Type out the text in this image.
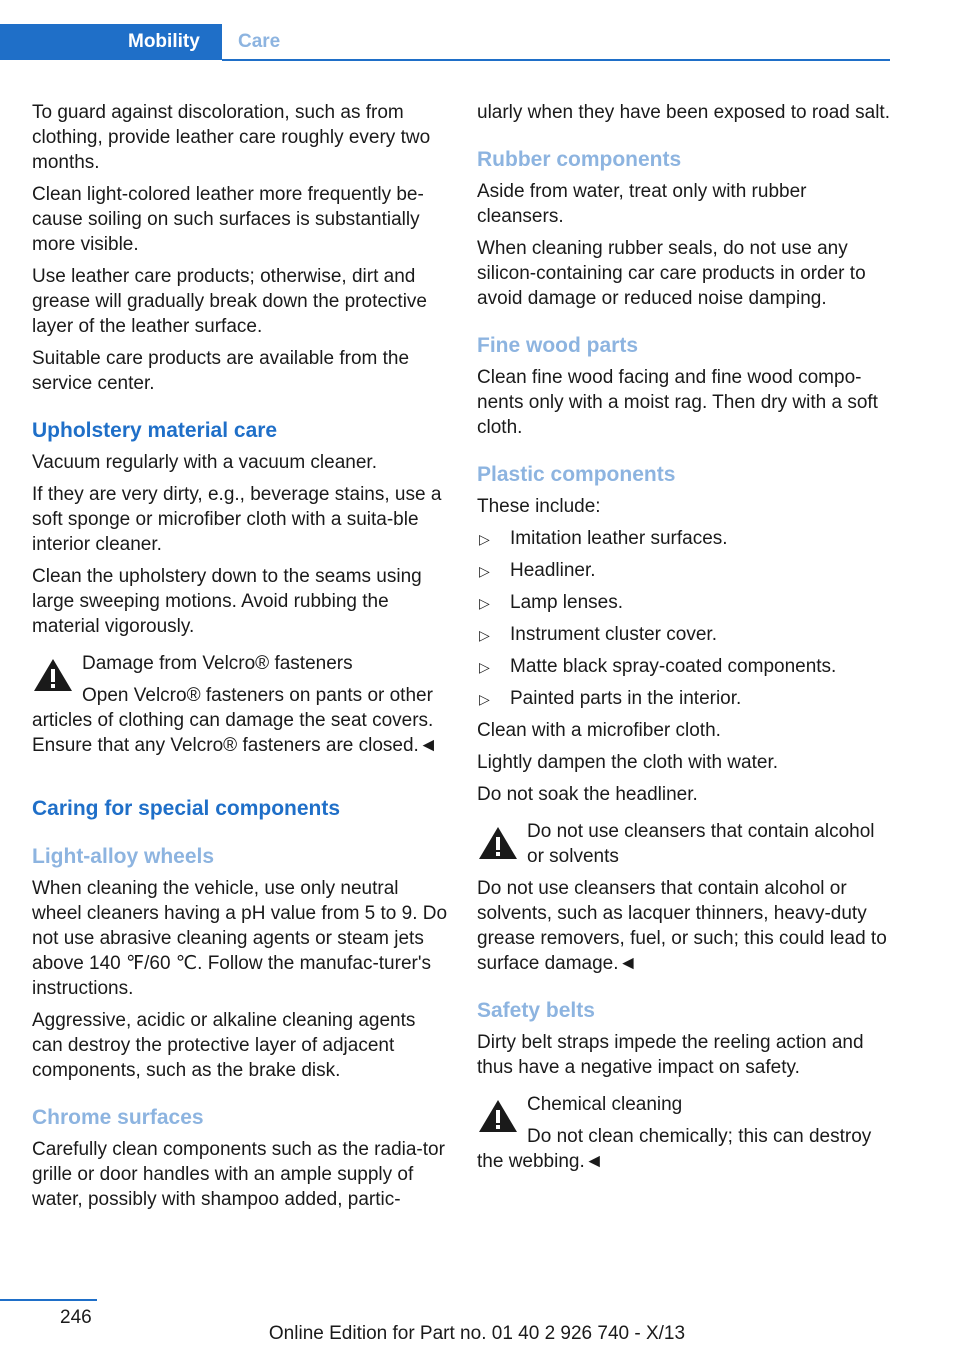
Mobility Care

To guard against discoloration, such as from clothing, provide leather care roughly every two months.

Clean light-colored leather more frequently be-cause soiling on such surfaces is substantially more visible.

Use leather care products; otherwise, dirt and grease will gradually break down the protective layer of the leather surface.

Suitable care products are available from the service center.

Upholstery material care

Vacuum regularly with a vacuum cleaner.

If they are very dirty, e.g., beverage stains, use a soft sponge or microfiber cloth with a suita-ble interior cleaner.

Clean the upholstery down to the seams using large sweeping motions. Avoid rubbing the material vigorously.

Damage from Velcro® fasteners
Open Velcro® fasteners on pants or other articles of clothing can damage the seat covers. Ensure that any Velcro® fasteners are closed.◄
Caring for special components
Light-alloy wheels

When cleaning the vehicle, use only neutral wheel cleaners having a pH value from 5 to 9. Do not use abrasive cleaning agents or steam jets above 140 ℉/60 ℃. Follow the manufac-turer's instructions.

Aggressive, acidic or alkaline cleaning agents can destroy the protective layer of adjacent components, such as the brake disk.

Chrome surfaces

Carefully clean components such as the radia-tor grille or door handles with an ample supply of water, possibly with shampoo added, partic-

ularly when they have been exposed to road salt.

Rubber components

Aside from water, treat only with rubber cleansers.

When cleaning rubber seals, do not use any silicon-containing car care products in order to avoid damage or reduced noise damping.

Fine wood parts

Clean fine wood facing and fine wood compo-nents only with a moist rag. Then dry with a soft cloth.

Plastic components

These include:

▷ Imitation leather surfaces.
▷ Headliner.
▷ Lamp lenses.
▷ Instrument cluster cover.
▷ Matte black spray-coated components.
▷ Painted parts in the interior.

Clean with a microfiber cloth.

Lightly dampen the cloth with water.

Do not soak the headliner.

Do not use cleansers that contain alcohol or solvents
Do not use cleansers that contain alcohol or solvents, such as lacquer thinners, heavy-duty grease removers, fuel, or such; this could lead to surface damage.◄
Safety belts

Dirty belt straps impede the reeling action and thus have a negative impact on safety.

Chemical cleaning
Do not clean chemically; this can destroy the webbing.◄
246
Online Edition for Part no. 01 40 2 926 740 - X/13
